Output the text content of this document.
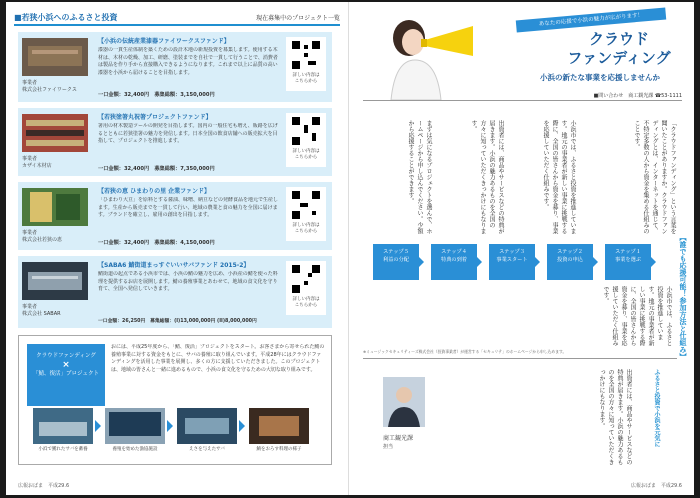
■若狭小浜へのふるさと投資	現在募集中のプロジェクト一覧
事業者
株式会社ファイワークス
【小浜の伝統産業漆器ファイワークスファンド】
漆器の一貫生産体制を築くための設計木地の新規投資を募集します。使用する木材は、木材の乾燥、加工、研磨、塗装までを自社で一貫して行うことで、消費者は製品を作り手から直接購入できるようになります。これまで以上に品質の高い漆器を小浜から届けることを目指します。
一口金額：32,400円　募集総額：3,150,000円
詳しい内容は
こちらから
事業者
カザイ木材店
【若狭塗箸丸祝箸プロジェクトファンド】
箸用の材木製造ツールの開発を目指します。国内の一般住宅も増え、販路を広げるとともに若狭塗箸の魅力を発信します。日本全国の飲食店舗への販売拡大を目指して、プロジェクトを推進します。
一口金額：32,400円　募集総額：7,350,000円
詳しい内容は
こちらから
事業者
株式会社若狭の恵
【若狭の恵 ひまわりの里 企業ファンド】
「ひまわり大豆」を原料とする醤油、味噌、納豆などの発酵食品を地元で生産します。生産から販売までを一貫して行い、地域の農業と食の魅力を全国に届けます。ブランドを確立し、雇用の創出を目指します。
一口金額：32,400円　募集総額：4,150,000円
詳しい内容は
こちらから
事業者
株式会社 SABAR
【SABA6 鯖街道まっすぐいいサバファンド 2015-2】
鯖街道の起点である小浜市では、小浜の鯖の魅力を広め、小浜産の鯖を使った料理を提供するお店を展開します。鯖の養殖事業とあわせて、地域の食文化を守り育て、全国へ発信していきます。
一口金額：26,250円　募集総額：(I)13,000,000円 (II)8,000,000円
詳しい内容は
こちらから
クラウドファンディング
×
「鯖、復活」プロジェクト
おには、平成25年度から、「鯖、復活」プロジェクトをスタート。お客さまから寄せられた鯖の養殖事業に対する資金をもとに、サバの養殖に取り組んでいます。平成28年にはクラウドファンディングを活用した事業を展開し、多くの方に支援していただきました。このプロジェクトは、地域の皆さんと一緒に進めるもので、小浜の食文化を守るための大切な取り組みです。
小浜で獲れたサバを蓄養	養殖を始めた漁協施設	えさを与えたサバ	鯖をおろす料理の様子
広報おばま　平成29.6
あなたの応援で小浜の魅力が広がります！
クラウド
ファンディング
小浜の新たな事業を応援しませんか
■問い合わせ　商工観光課 ☎53-1111
「クラウドファンディング」という言葉を聞いたことがありますか。クラウドファンディングとは、インターネットを通じて、不特定多数の人から資金を集める仕組みのことです。
小浜市では、ふるさと投資を推進しています。地元の事業者が新しい事業に挑戦する際に、全国の皆さんから資金を募り、事業を応援していただく仕組みです。
出資者には、商品やサービスなどの特典が届きます。小浜の魅力あるものを全国の方々に知っていただくきっかけにもなります。
まずは気になるプロジェクトを選んで、ホームページから申し込んでください。少額から応援することができます。
【誰でも応援可能！参加方法と仕組み】
ステップ１
事業を選ぶ
ステップ２
投資の申込
ステップ３
事業スタート
ステップ４
特典の到着
ステップ５
利益の分配
小浜市では、ふるさと投資を推進しています。地元の事業者が新しい事業に挑戦する際に、全国の皆さんから資金を募り、事業を応援していただく仕組みです。
※ミュージックセキュリティーズ株式会社（投資事業者）が運営する「セキュリテ」のホームページから申し込めます。
商工観光課
担当	出資者には、商品やサービスなどの特典が届きます。小浜の魅力あるものを全国の方々に知っていただくきっかけにもなります。	ふるさと投資で小浜を元気に
広報おばま　平成29.6
